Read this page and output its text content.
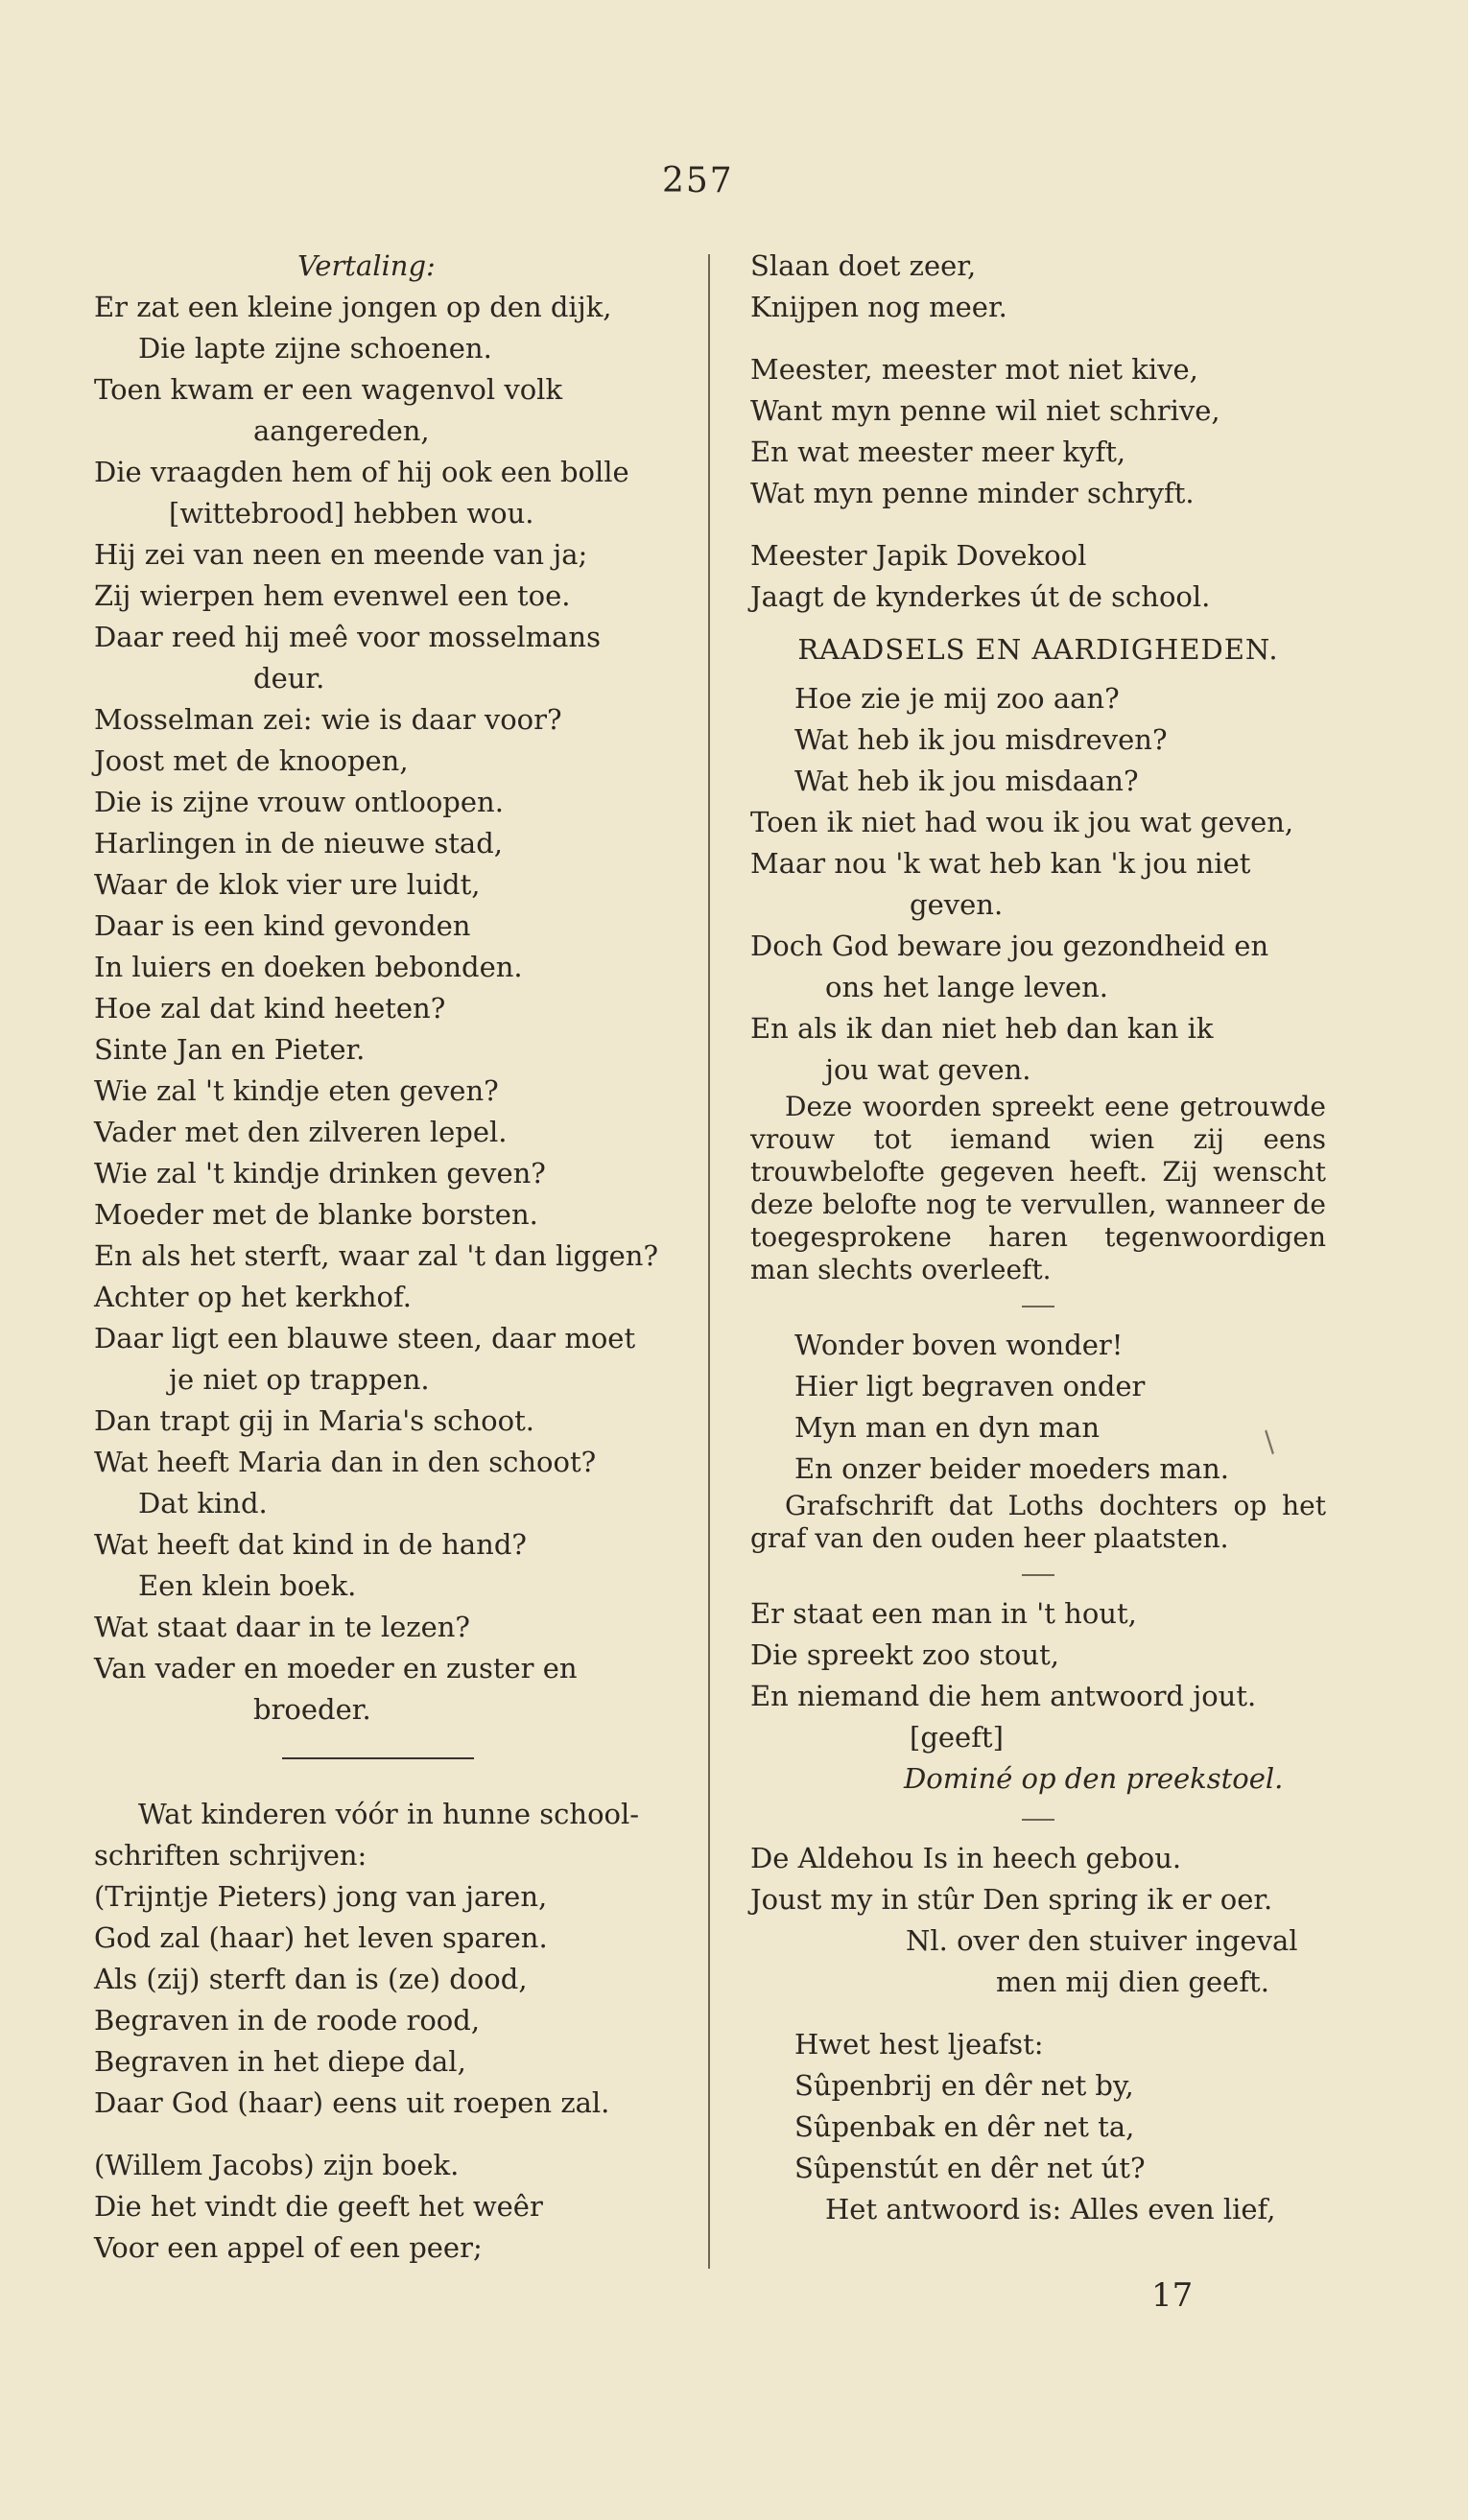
257
Vertaling:
Er zat een kleine jongen op den dijk,
Die lapte zijne schoenen.
Toen kwam er een wagenvol volk
aangereden,
Die vraagden hem of hij ook een bolle
[wittebrood] hebben wou.
Hij zei van neen en meende van ja;
Zij wierpen hem evenwel een toe.
Daar reed hij meê voor mosselmans
deur.
Mosselman zei: wie is daar voor?
Joost met de knoopen,
Die is zijne vrouw ontloopen.
Harlingen in de nieuwe stad,
Waar de klok vier ure luidt,
Daar is een kind gevonden
In luiers en doeken bebonden.
Hoe zal dat kind heeten?
Sinte Jan en Pieter.
Wie zal 't kindje eten geven?
Vader met den zilveren lepel.
Wie zal 't kindje drinken geven?
Moeder met de blanke borsten.
En als het sterft, waar zal 't dan liggen?
Achter op het kerkhof.
Daar ligt een blauwe steen, daar moet
je niet op trappen.
Dan trapt gij in Maria's schoot.
Wat heeft Maria dan in den schoot?
Dat kind.
Wat heeft dat kind in de hand?
Een klein boek.
Wat staat daar in te lezen?
Van vader en moeder en zuster en
broeder.
Wat kinderen vóór in hunne school-
schriften schrijven:
(Trijntje Pieters) jong van jaren,
God zal (haar) het leven sparen.
Als (zij) sterft dan is (ze) dood,
Begraven in de roode rood,
Begraven in het diepe dal,
Daar God (haar) eens uit roepen zal.
(Willem Jacobs) zijn boek.
Die het vindt die geeft het weêr
Voor een appel of een peer;
Slaan doet zeer,
Knijpen nog meer.
Meester, meester mot niet kive,
Want myn penne wil niet schrive,
En wat meester meer kyft,
Wat myn penne minder schryft.
Meester Japik Dovekool
Jaagt de kynderkes út de school.
RAADSELS EN AARDIGHEDEN.
Hoe zie je mij zoo aan?
Wat heb ik jou misdreven?
Wat heb ik jou misdaan?
Toen ik niet had wou ik jou wat geven,
Maar nou 'k wat heb kan 'k jou niet
geven.
Doch God beware jou gezondheid en
ons het lange leven.
En als ik dan niet heb dan kan ik
jou wat geven.
Deze woorden spreekt eene getrouwde vrouw tot iemand wien zij eens trouwbelofte gegeven heeft. Zij wenscht deze belofte nog te vervullen, wanneer de toegesprokene haren tegenwoordigen man slechts overleeft.
Wonder boven wonder!
Hier ligt begraven onder
Myn man en dyn man
En onzer beider moeders man.
Grafschrift dat Loths dochters op het graf van den ouden heer plaatsten.
Er staat een man in 't hout,
Die spreekt zoo stout,
En niemand die hem antwoord jout.
[geeft]
Dominé op den preekstoel.
De Aldehou Is in heech gebou.
Joust my in stûr Den spring ik er oer.
Nl. over den stuiver ingeval
men mij dien geeft.
Hwet hest ljeafst:
Sûpenbrij en dêr net by,
Sûpenbak en dêr net ta,
Sûpenstút en dêr net út?
Het antwoord is: Alles even lief,
/
17
